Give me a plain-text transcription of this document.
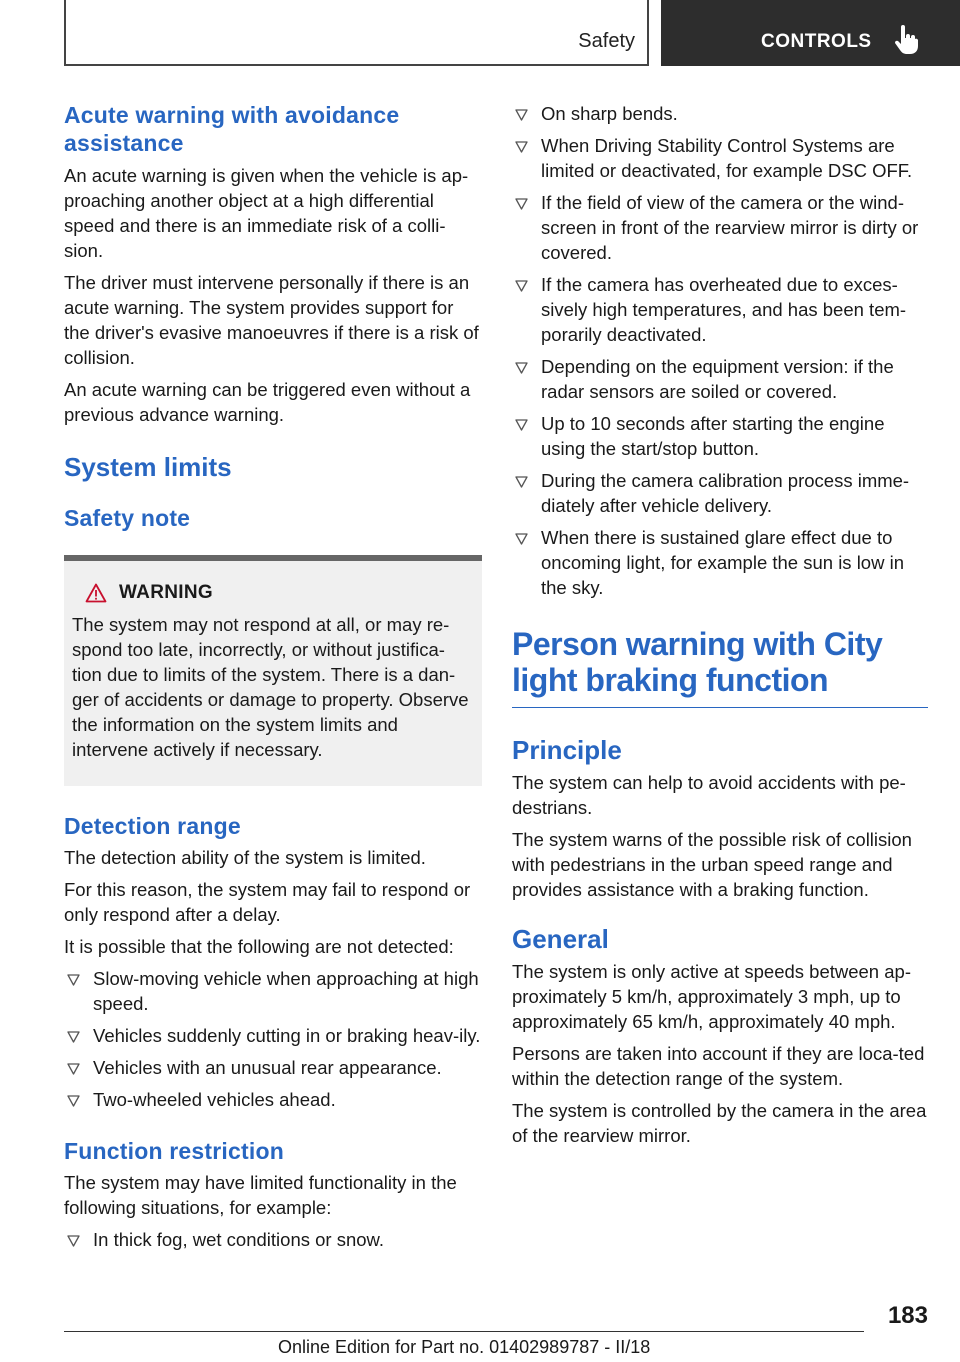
Safety	CONTROLS
Acute warning with avoidance assistance

An acute warning is given when the vehicle is ap-proaching another object at a high differential speed and there is an immediate risk of a colli-sion.

The driver must intervene personally if there is an acute warning. The system provides support for the driver's evasive manoeuvres if there is a risk of collision.

An acute warning can be triggered even without a previous advance warning.

System limits
Safety note
WARNING

The system may not respond at all, or may re-spond too late, incorrectly, or without justifica-tion due to limits of the system. There is a dan-ger of accidents or damage to property. Observe the information on the system limits and intervene actively if necessary.

Detection range

The detection ability of the system is limited.

For this reason, the system may fail to respond or only respond after a delay.

It is possible that the following are not detected:

Slow-moving vehicle when approaching at high speed.
Vehicles suddenly cutting in or braking heav-ily.
Vehicles with an unusual rear appearance.
Two-wheeled vehicles ahead.
Function restriction

The system may have limited functionality in the following situations, for example:

In thick fog, wet conditions or snow.
On sharp bends.
When Driving Stability Control Systems are limited or deactivated, for example DSC OFF.
If the field of view of the camera or the wind-screen in front of the rearview mirror is dirty or covered.
If the camera has overheated due to exces-sively high temperatures, and has been tem-porarily deactivated.
Depending on the equipment version: if the radar sensors are soiled or covered.
Up to 10 seconds after starting the engine using the start/stop button.
During the camera calibration process imme-diately after vehicle delivery.
When there is sustained glare effect due to oncoming light, for example the sun is low in the sky.
Person warning with City light braking function
Principle

The system can help to avoid accidents with pe-destrians.

The system warns of the possible risk of collision with pedestrians in the urban speed range and provides assistance with a braking function.

General

The system is only active at speeds between ap-proximately 5 km/h, approximately 3 mph, up to approximately 65 km/h, approximately 40 mph.

Persons are taken into account if they are loca-ted within the detection range of the system.

The system is controlled by the camera in the area of the rearview mirror.

183
Online Edition for Part no. 01402989787 - II/18
